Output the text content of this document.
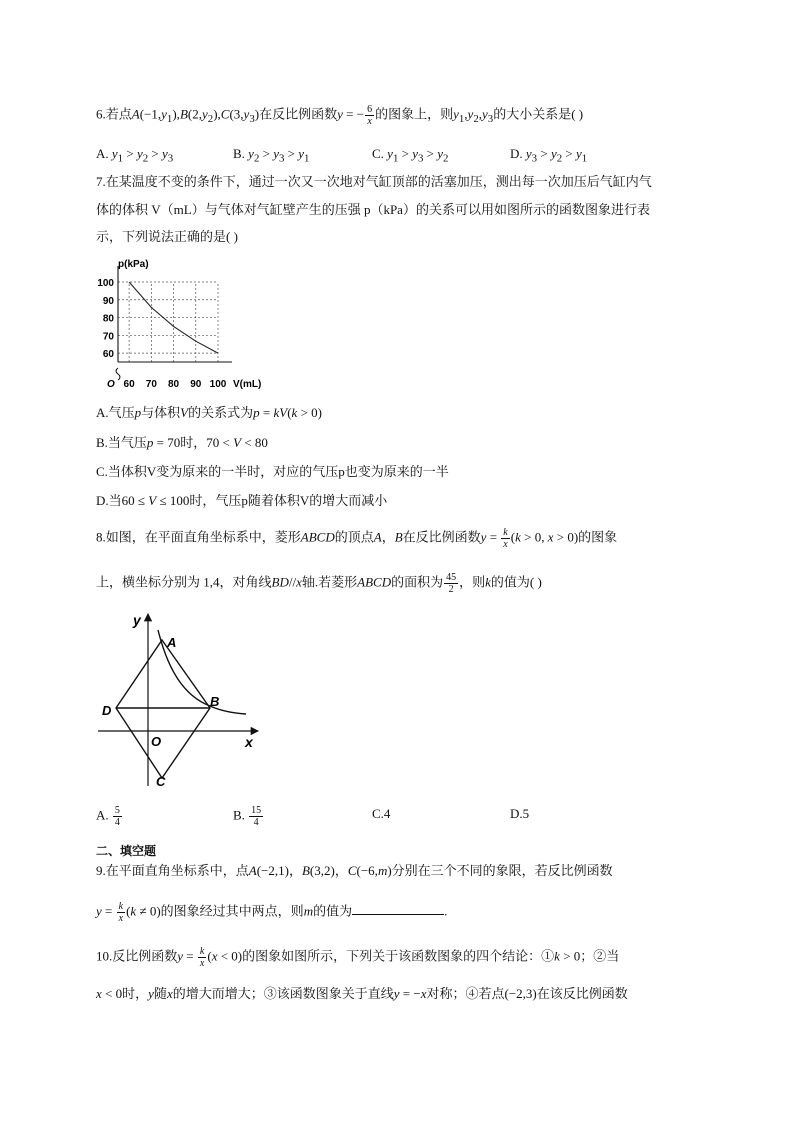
6.若点$A(-1,y_1),B(2,y_2),C(3,y_3)$在反比例函数y = − $\frac{6}{x}$ 的图象上，则$y_1,y_2,y_3$的大小关系是( )
A. $y_1 > y_2 > y_3$	B. $y_2 > y_3 > y_1$	C. $y_1 > y_3 > y_2$	D. $y_3 > y_2 > y_1$
7.在某温度不变的条件下，通过一次又一次地对气缸顶部的活塞加压，测出每一次加压后气缸内气
体的体积 V（mL）与气体对气缸壁产生的压强 p（kPa）的关系可以用如图所示的函数图象进行表
示，下列说法正确的是( )
60 70 80 90 100
100
90
80
70
60
p(kPa)
V(mL)
O
A.气压p与体积V的关系式为p = kV(k > 0)
B.当气压p = 70时，70 < V < 80
C.当体积V变为原来的一半时，对应的气压p也变为原来的一半
D.当60 ≤ V ≤ 100时，气压p随着体积V的增大而减小
8.如图，在平面直角坐标系中，菱形ABCD的顶点A，B在反比例函数$y = \frac{k}{x} (k > 0$, x > 0)的图象
上，横坐标分别为 1,4，对角线BD//x轴.若菱形ABCD的面积为 $\frac{45}{2}$ ，则k的值为( )
y
A
B
D
O	x
C
A. $\frac{5}{4}$	B. $\frac{15}{4}$	C.4	D.5
二、填空题
9.在平面直角坐标系中，点A(−2,1)，B(3,2)，C(−6,m)分别在三个不同的象限，若反比例函数
$y = \frac{k}{x} (k \ne 0)$的图象经过其中两点，则m的值为	.
10.反比例函数$y = \frac{k}{x} (x < 0)$的图象如图所示，下列关于该函数图象的四个结论：①k > 0；②当
x < 0时，y随x的增大而增大；③该函数图象关于直线y = −x对称；④若点(−2,3)在该反比例函数
